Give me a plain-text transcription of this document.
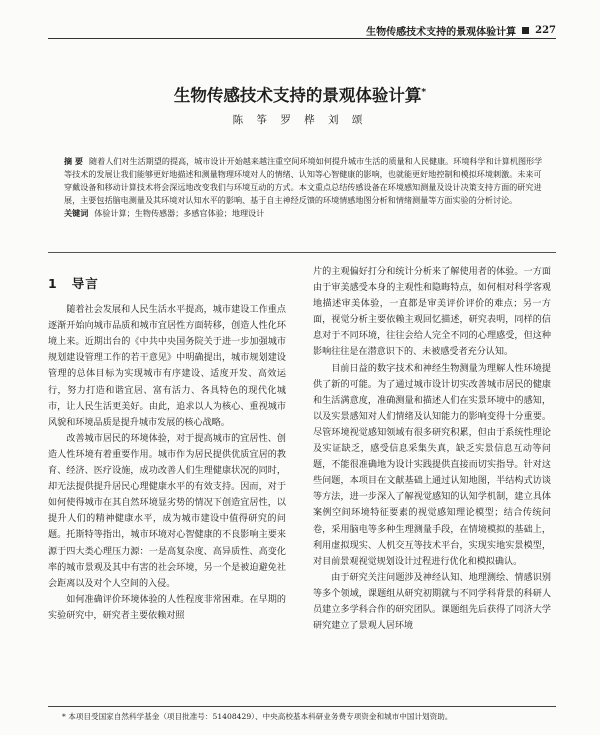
生物传感技术支持的景观体验计算 227
生物传感技术支持的景观体验计算*
陈 筝 罗 桦 刘 颂
摘 要 随着人们对生活期望的提高，城市设计开始越来越注重空间环境如何提升城市生活的质量和人民健康。环境科学和计算机图形学等技术的发展让我们能够更好地描述和测量物理环境对人的情绪、认知等心智健康的影响，也就能更好地控制和模拟环境刺激。未来可穿戴设备和移动计算技术将会深远地改变我们与环境互动的方式。本文重点总结传感设备在环境感知测量及设计决策支持方面的研究进展，主要包括脑电测量及其环境对认知水平的影响、基于自主神经反馈的环境情感地图分析和情绪测量等方面实验的分析讨论。
关键词 体验计算；生物传感器；多感官体验；地理设计
1 导言

随着社会发展和人民生活水平提高，城市建设工作重点逐渐开始向城市品质和城市宜居性方面转移，创造人性化环境上来。近期出台的《中共中央国务院关于进一步加强城市规划建设管理工作的若干意见》中明确提出，城市规划建设管理的总体目标为实现城市有序建设、适度开发、高效运行，努力打造和谐宜居、富有活力、各具特色的现代化城市，让人民生活更美好。由此，追求以人为核心、重视城市风貌和环境品质是提升城市发展的核心战略。

改善城市居民的环境体验，对于提高城市的宜居性、创造人性环境有着重要作用。城市作为居民提供优质宜居的教育、经济、医疗设施，成功改善人们生理健康状况的同时，却无法提供提升居民心理健康水平的有效支持。因而，对于如何使得城市在其自然环境显劣势的情况下创造宜居性，以提升人们的精神健康水平，成为城市建设中值得研究的问题。托斯特等指出，城市环境对心智健康的不良影响主要来源于四大类心理压力源：一是高复杂度、高异质性、高变化率的城市景观及其中有害的社会环境，另一个是被迫避免社会距离以及对个人空间的入侵。

如何准确评价环境体验的人性程度非常困难。在早期的实验研究中，研究者主要依赖对照

片的主观偏好打分和统计分析来了解使用者的体验。一方面由于审美感受本身的主观性和隐晦特点，如何相对科学客观地描述审美体验，一直都是审美评价评价的难点；另一方面，视觉分析主要依赖主观回忆描述，研究表明，同样的信息对于不同环境，往往会给人完全不同的心理感受，但这种影响往往是在潜意识下的、未被感受者充分认知。

目前日益的数字技术和神经生物测量为理解人性环境提供了新的可能。为了通过城市设计切实改善城市居民的健康和生活满意度，准确测量和描述人们在实景环境中的感知，以及实景感知对人们情绪及认知能力的影响变得十分重要。尽管环境视觉感知领域有很多研究积累，但由于系统性理论及实证缺乏，感受信息采集失真，缺乏实景信息互动等问题，不能很准确地为设计实践提供直接而切实指导。针对这些问题，本项目在文献基础上通过认知地图，半结构式访谈等方法，进一步深入了解视觉感知的认知学机制，建立具体案例空间环境特征要素的视觉感知理论模型；结合传统问卷，采用脑电等多种生理测量手段，在情境模拟的基础上，利用虚拟现实、人机交互等技术平台，实现实地实景模型，对目前景观视觉规划设计过程进行优化和模拟确认。

由于研究关注问题涉及神经认知、地理测绘、情感识别等多个领域，课题组从研究初期就与不同学科背景的科研人员建立多学科合作的研究团队。课题组先后获得了同济大学研究建立了景观人居环境

* 本项目受国家自然科学基金（项目批准号：51408429）、中央高校基本科研业务费专项资金和城市中国计划资助。
